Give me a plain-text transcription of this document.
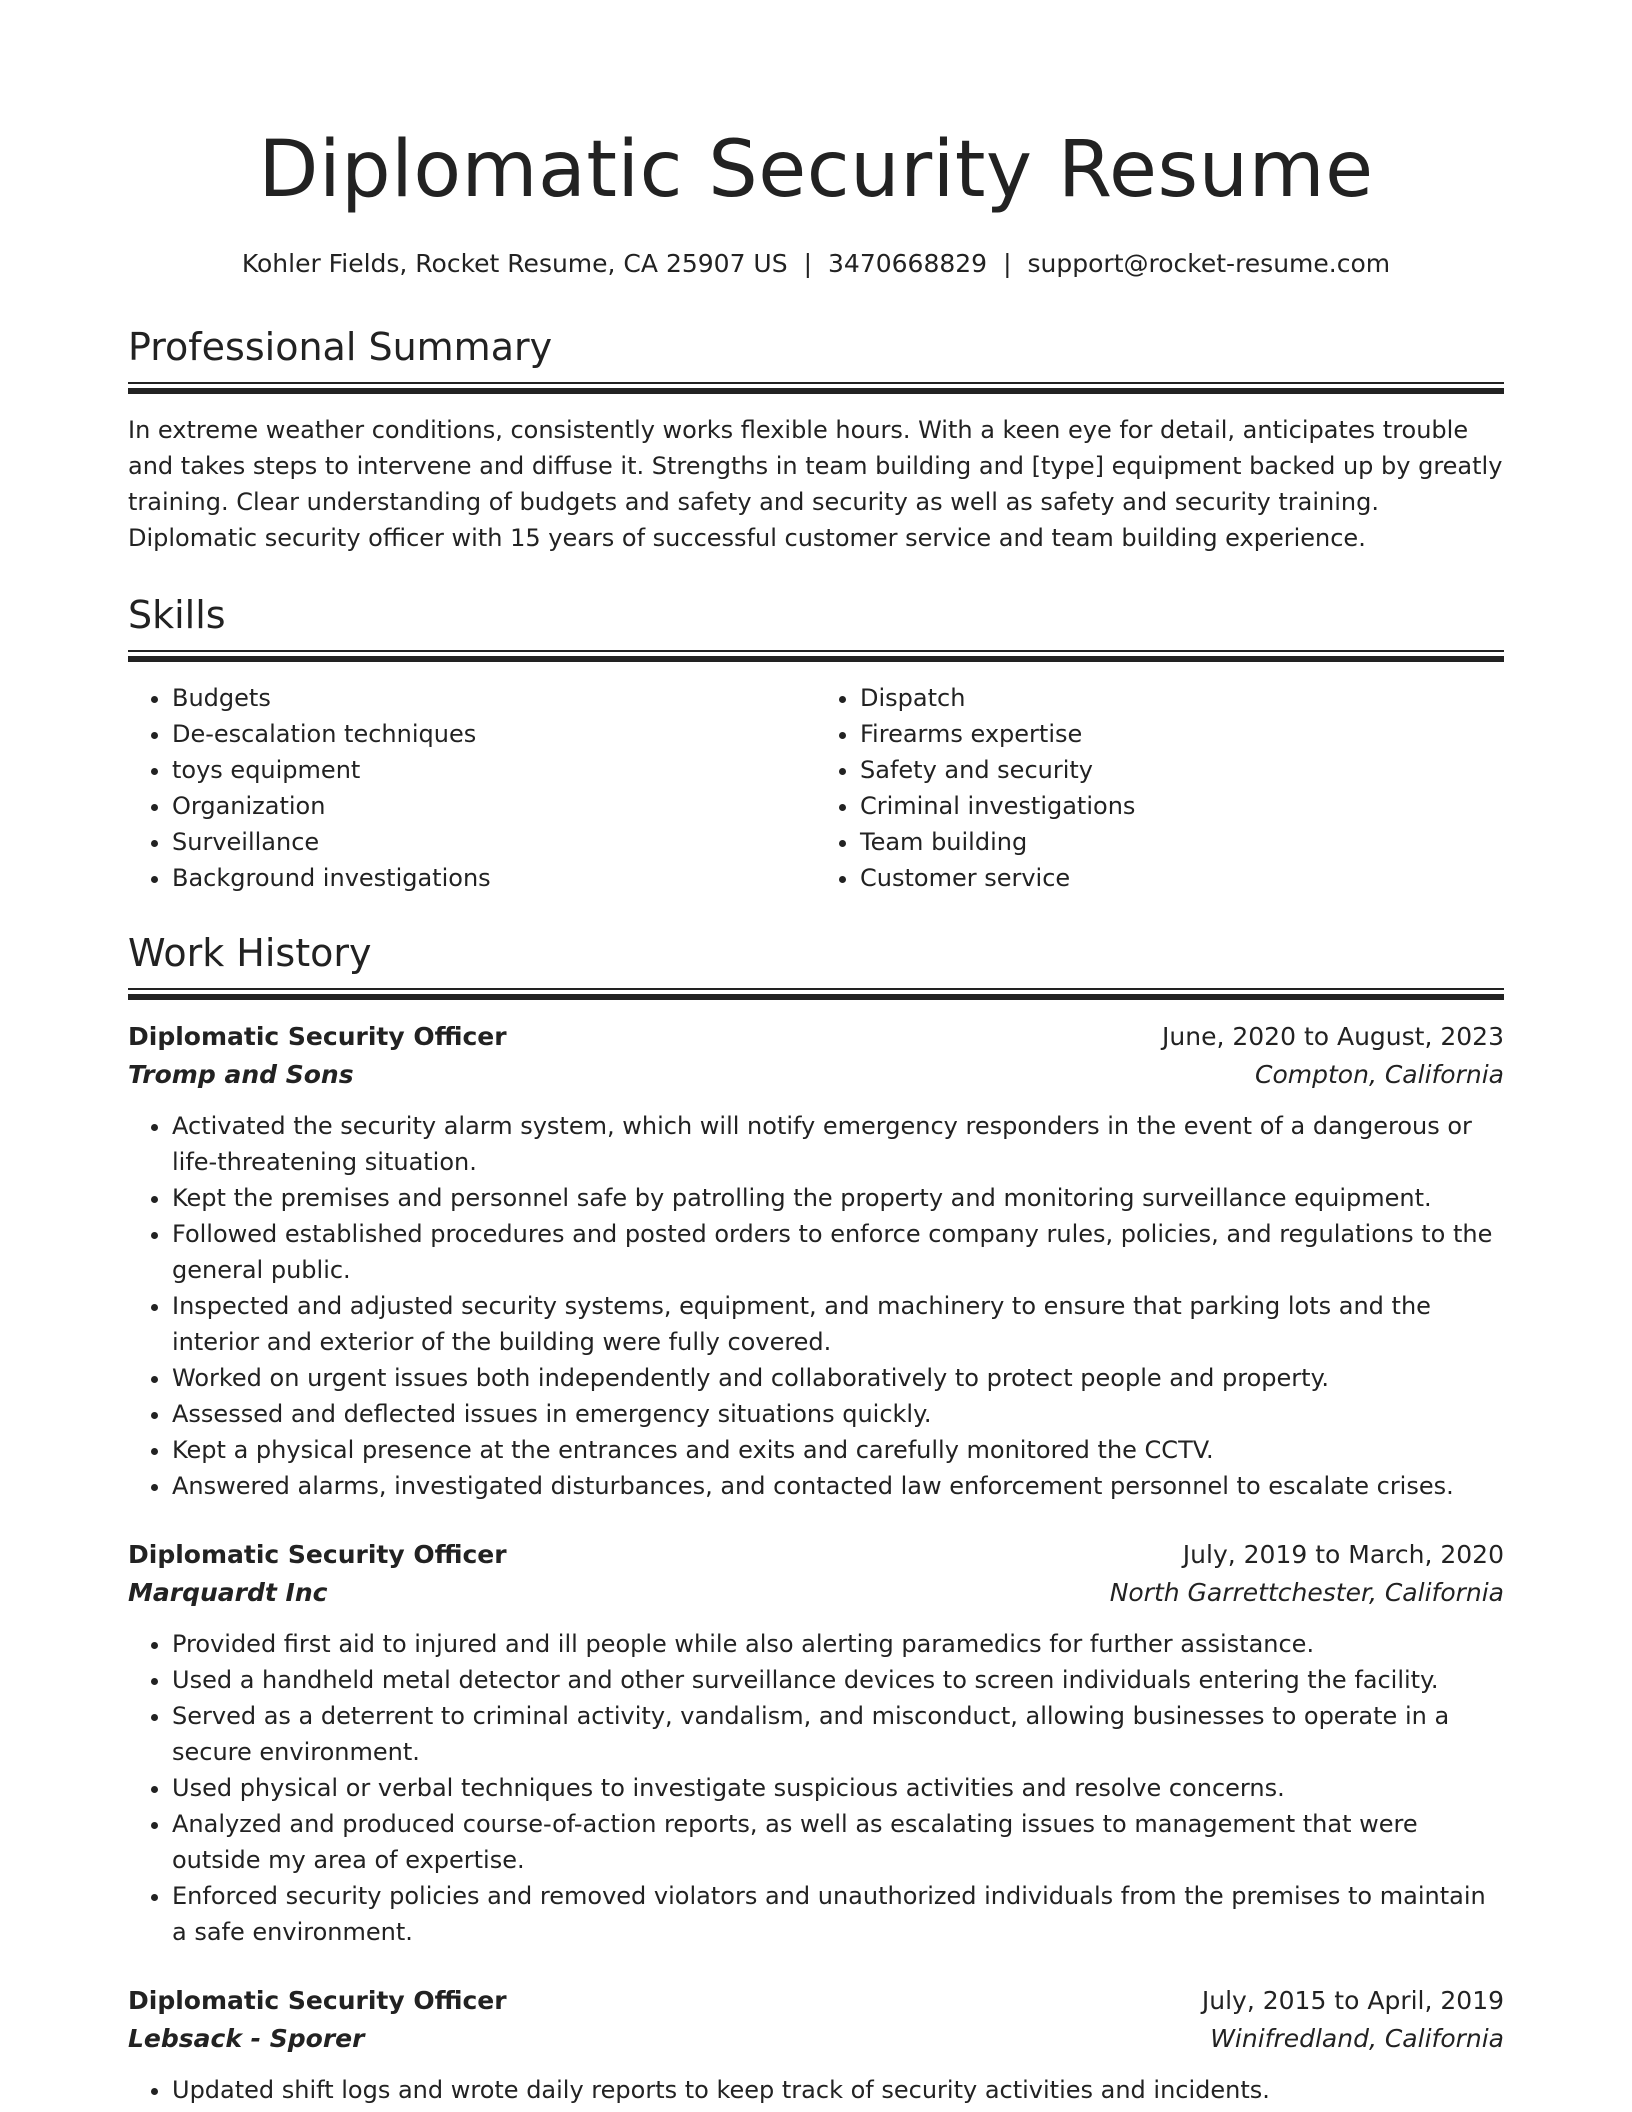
Diplomatic Security Resume
Kohler Fields, Rocket Resume, CA 25907 US | 3470668829 | support@rocket-resume.com
Professional Summary

In extreme weather conditions, consistently works flexible hours. With a keen eye for detail, anticipates trouble and takes steps to intervene and diffuse it. Strengths in team building and [type] equipment backed up by greatly training. Clear understanding of budgets and safety and security as well as safety and security training. Diplomatic security officer with 15 years of successful customer service and team building experience.

Skills
• Budgets
• De-escalation techniques
• toys equipment
• Organization
• Surveillance
• Background investigations
• Dispatch
• Firearms expertise
• Safety and security
• Criminal investigations
• Team building
• Customer service
Work History
Diplomatic Security Officer	June, 2020 to August, 2023
Tromp and Sons	Compton, California
• Activated the security alarm system, which will notify emergency responders in the event of a dangerous or life-threatening situation.
• Kept the premises and personnel safe by patrolling the property and monitoring surveillance equipment.
• Followed established procedures and posted orders to enforce company rules, policies, and regulations to the general public.
• Inspected and adjusted security systems, equipment, and machinery to ensure that parking lots and the interior and exterior of the building were fully covered.
• Worked on urgent issues both independently and collaboratively to protect people and property.
• Assessed and deflected issues in emergency situations quickly.
• Kept a physical presence at the entrances and exits and carefully monitored the CCTV.
• Answered alarms, investigated disturbances, and contacted law enforcement personnel to escalate crises.
Diplomatic Security Officer	July, 2019 to March, 2020
Marquardt Inc	North Garrettchester, California
• Provided first aid to injured and ill people while also alerting paramedics for further assistance.
• Used a handheld metal detector and other surveillance devices to screen individuals entering the facility.
• Served as a deterrent to criminal activity, vandalism, and misconduct, allowing businesses to operate in a secure environment.
• Used physical or verbal techniques to investigate suspicious activities and resolve concerns.
• Analyzed and produced course-of-action reports, as well as escalating issues to management that were outside my area of expertise.
• Enforced security policies and removed violators and unauthorized individuals from the premises to maintain a safe environment.
Diplomatic Security Officer	July, 2015 to April, 2019
Lebsack - Sporer	Winifredland, California
• Updated shift logs and wrote daily reports to keep track of security activities and incidents.
